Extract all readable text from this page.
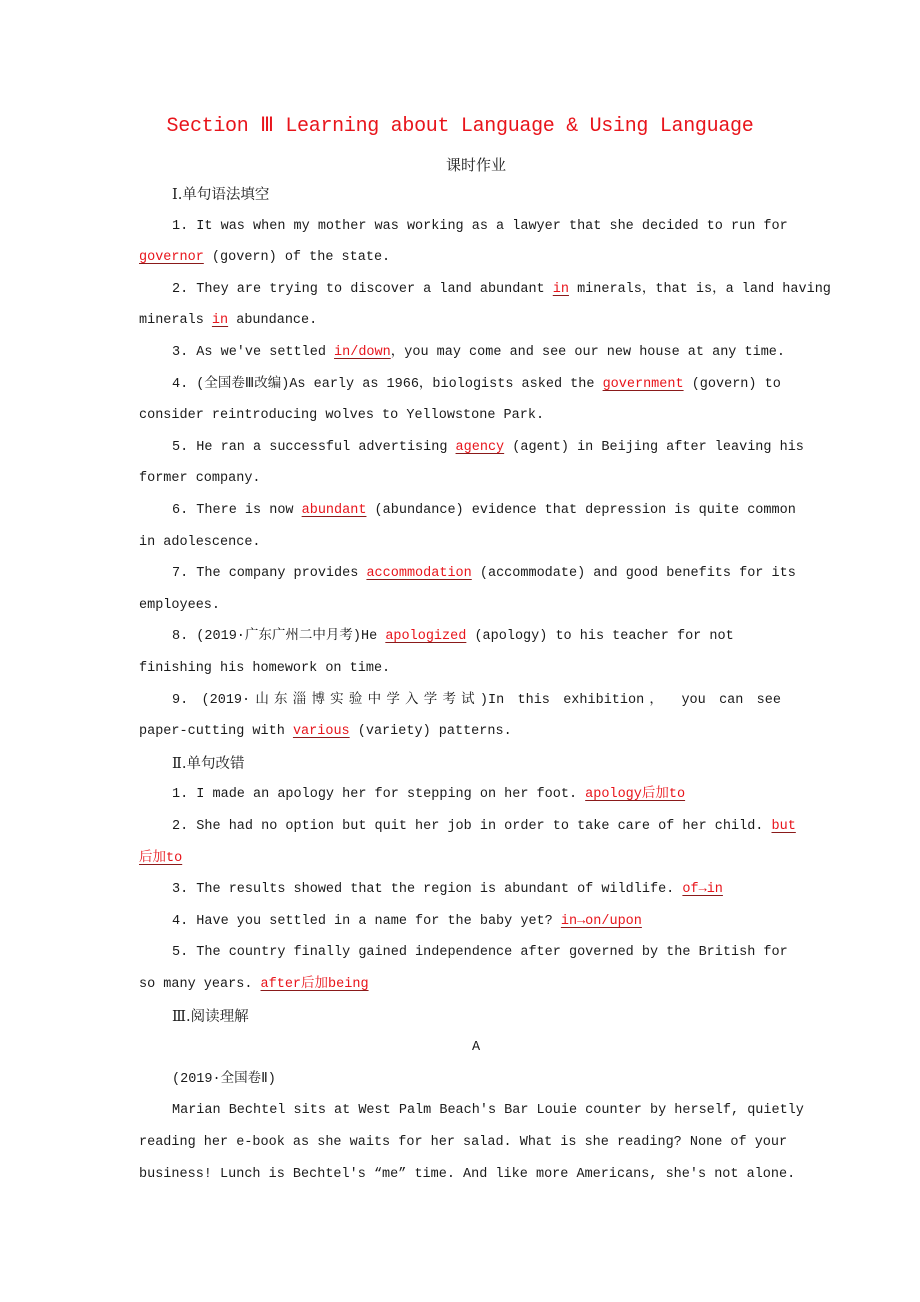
Section Ⅲ Learning about Language & Using Language
课时作业
Ⅰ.单句语法填空
1. It was when my mother was working as a lawyer that she decided to run for
governor (govern) of the state.
2. They are trying to discover a land abundant in minerals，that is，a land having
minerals in abundance.
3. As we've settled in/down，you may come and see our new house at any time.
4. (全国卷Ⅲ改编)As early as 1966，biologists asked the government (govern) to
consider reintroducing wolves to Yellowstone Park.
5. He ran a successful advertising agency (agent) in Beijing after leaving his
former company.
6. There is now abundant (abundance) evidence that depression is quite common
in adolescence.
7. The company provides accommodation (accommodate) and good benefits for its
employees.
8. (2019·广东广州二中月考)He apologized (apology) to his teacher for not
finishing his homework on time.
9. (2019·山东淄博实验中学入学考试)In this exhibition， you can see
paper-cutting with various (variety) patterns.
Ⅱ.单句改错
1. I made an apology her for stepping on her foot. apology后加to
2. She had no option but quit her job in order to take care of her child. but
后加to
3. The results showed that the region is abundant of wildlife. of→in
4. Have you settled in a name for the baby yet? in→on/upon
5. The country finally gained independence after governed by the British for
so many years. after后加being
Ⅲ.阅读理解
A
(2019·全国卷Ⅱ)
Marian Bechtel sits at West Palm Beach's Bar Louie counter by herself, quietly
reading her e-book as she waits for her salad. What is she reading? None of your
business! Lunch is Bechtel's “me” time. And like more Americans, she's not alone.
